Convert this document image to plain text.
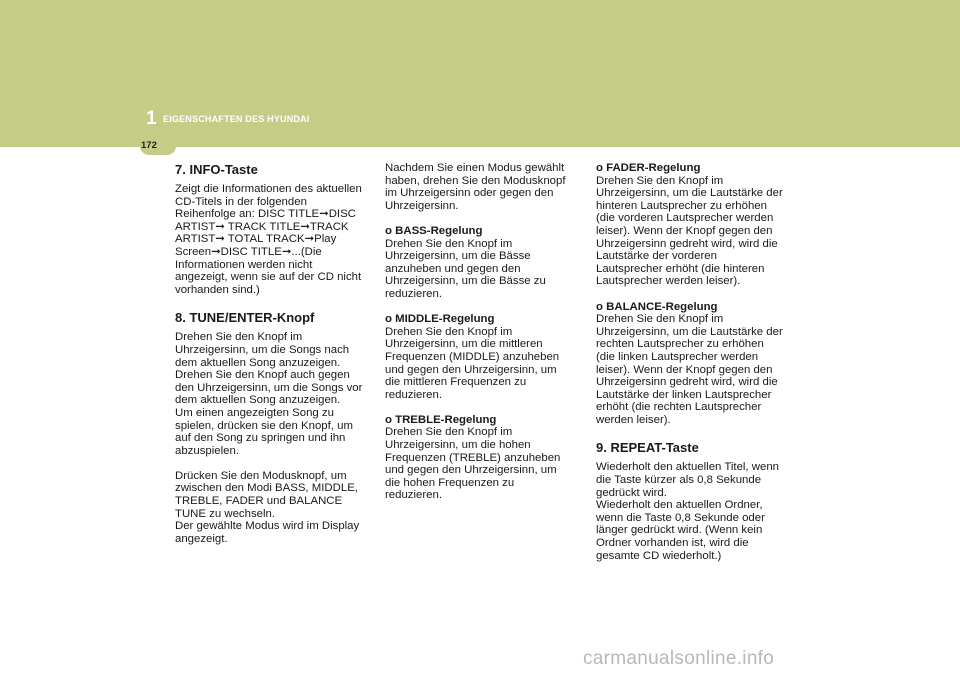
1 EIGENSCHAFTEN DES HYUNDAI
172
7. INFO-Taste

Zeigt die Informationen des aktuellen CD-Titels in der folgenden Reihenfolge an: DISC TITLE➞DISC ARTIST➞ TRACK TITLE➞TRACK ARTIST➞ TOTAL TRACK➞Play Screen➞DISC TITLE➞...(Die Informationen werden nicht angezeigt, wenn sie auf der CD nicht vorhanden sind.)

8. TUNE/ENTER-Knopf

Drehen Sie den Knopf im Uhrzeigersinn, um die Songs nach dem aktuellen Song anzuzeigen.

Drehen Sie den Knopf auch gegen den Uhrzeigersinn, um die Songs vor dem aktuellen Song anzuzeigen.

Um einen angezeigten Song zu spielen, drücken sie den Knopf, um auf den Song zu springen und ihn abzuspielen.

Drücken Sie den Modusknopf, um zwischen den Modi BASS, MIDDLE, TREBLE, FADER und BALANCE TUNE zu wechseln.

Der gewählte Modus wird im Display angezeigt.

Nachdem Sie einen Modus gewählt haben, drehen Sie den Modusknopf im Uhrzeigersinn oder gegen den Uhrzeigersinn.

o BASS-Regelung

Drehen Sie den Knopf im Uhrzeigersinn, um die Bässe anzuheben und gegen den Uhrzeigersinn, um die Bässe zu reduzieren.

o MIDDLE-Regelung

Drehen Sie den Knopf im Uhrzeigersinn, um die mittleren Frequenzen (MIDDLE) anzuheben und gegen den Uhrzeigersinn, um die mittleren Frequenzen zu reduzieren.

o TREBLE-Regelung

Drehen Sie den Knopf im Uhrzeigersinn, um die hohen Frequenzen (TREBLE) anzuheben und gegen den Uhrzeigersinn, um die hohen Frequenzen zu reduzieren.

o FADER-Regelung

Drehen Sie den Knopf im Uhrzeigersinn, um die Lautstärke der hinteren Lautsprecher zu erhöhen (die vorderen Lautsprecher werden leiser). Wenn der Knopf gegen den Uhrzeigersinn gedreht wird, wird die Lautstärke der vorderen Lautsprecher erhöht (die hinteren Lautsprecher werden leiser).

o BALANCE-Regelung

Drehen Sie den Knopf im Uhrzeigersinn, um die Lautstärke der rechten Lautsprecher zu erhöhen (die linken Lautsprecher werden leiser). Wenn der Knopf gegen den Uhrzeigersinn gedreht wird, wird die Lautstärke der linken Lautsprecher erhöht (die rechten Lautsprecher werden leiser).

9. REPEAT-Taste

Wiederholt den aktuellen Titel, wenn die Taste kürzer als 0,8 Sekunde gedrückt wird.

Wiederholt den aktuellen Ordner, wenn die Taste 0,8 Sekunde oder länger gedrückt wird. (Wenn kein Ordner vorhanden ist, wird die gesamte CD wiederholt.)

carmanualsonline.info
